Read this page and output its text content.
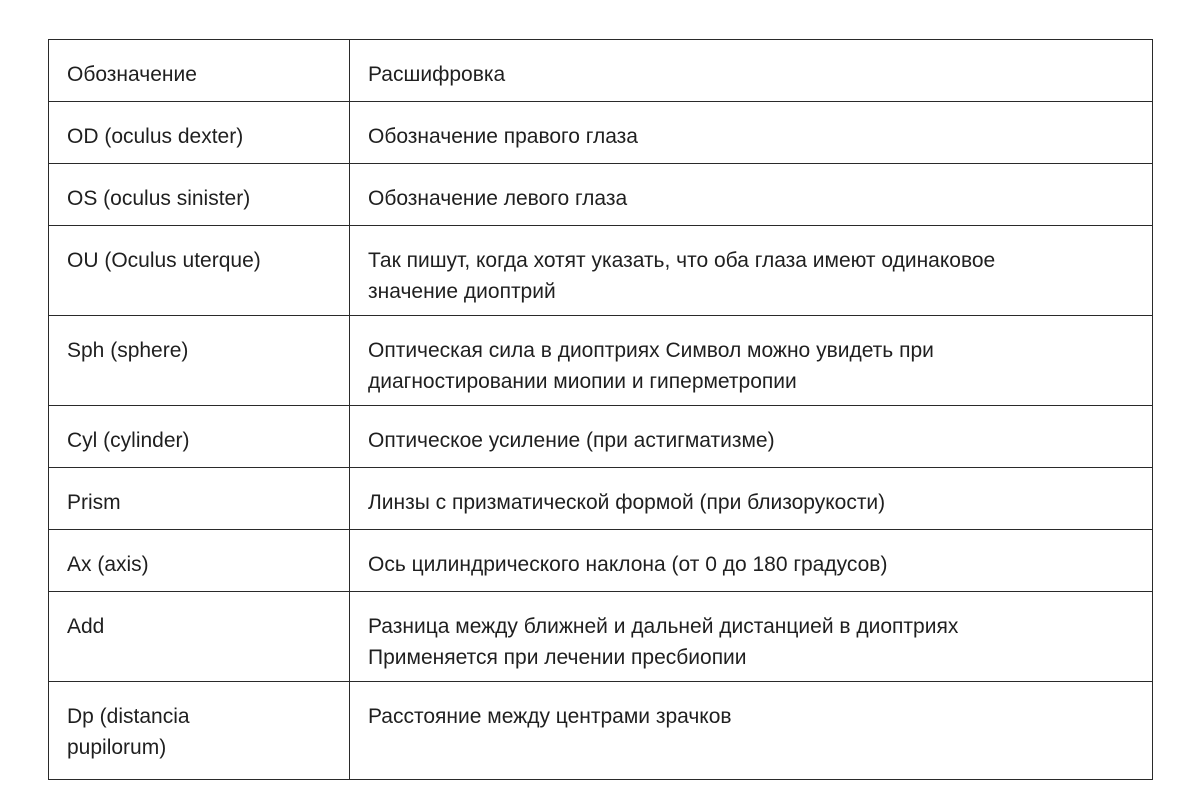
Обозначение	Расшифровка

OD (oculus dexter)	Обозначение правого глаза

OS (oculus sinister)	Обозначение левого глаза

OU (Oculus uterque)	Так пишут, когда хотят указать, что оба глаза имеют одинаковое
значение диоптрий

Sph (sphere)	Оптическая сила в диоптриях Символ можно увидеть при
диагностировании миопии и гиперметропии

Cyl (cylinder)	Оптическое усиление (при астигматизме)

Prism	Линзы с призматической формой (при близорукости)

Ax (axis)	Ось цилиндрического наклона (от 0 до 180 градусов)

Add	Разница между ближней и дальней дистанцией в диоптриях
Применяется при лечении пресбиопии

Dp (distancia
pupilorum)	Расстояние между центрами зрачков
